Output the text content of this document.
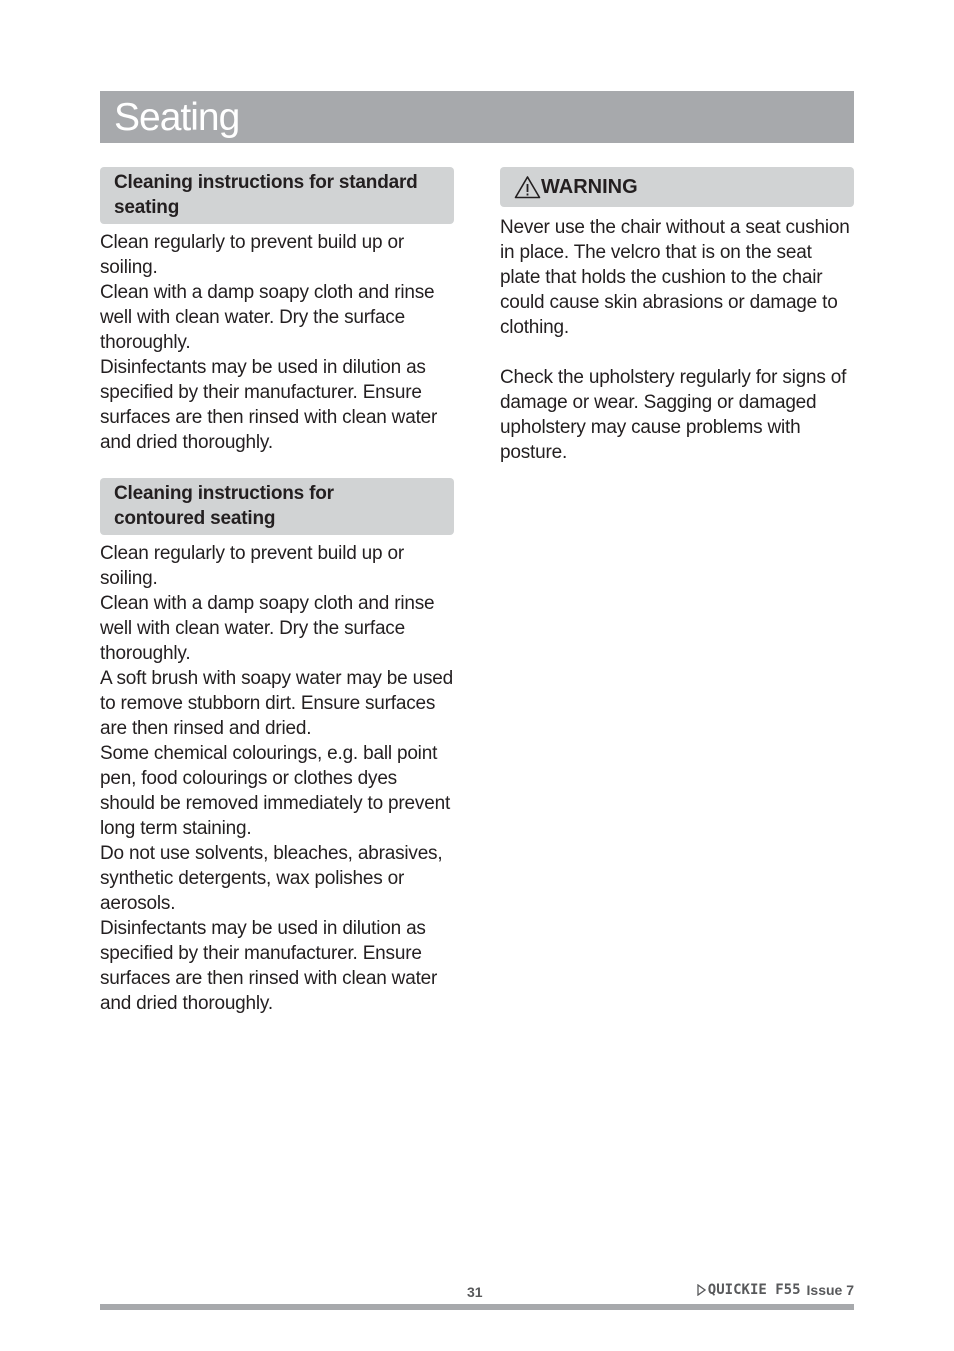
Seating
Cleaning instructions for standard
seating

Clean regularly to prevent build up or soiling.

Clean with a damp soapy cloth and rinse well with clean water. Dry the surface thoroughly.

Disinfectants may be used in dilution as specified by their manufacturer. Ensure surfaces are then rinsed with clean water and dried thoroughly.

Cleaning instructions for
contoured seating

Clean regularly to prevent build up or soiling.

Clean with a damp soapy cloth and rinse well with clean water. Dry the surface thoroughly.

A soft brush with soapy water may be used to remove stubborn dirt. Ensure surfaces are then rinsed and dried.

Some chemical colourings, e.g. ball point pen, food colourings or clothes dyes should be removed immediately to prevent long term staining.

Do not use solvents, bleaches, abrasives, synthetic detergents, wax polishes or aerosols.

Disinfectants may be used in dilution as specified by their manufacturer. Ensure surfaces are then rinsed with clean water and dried thoroughly.

WARNING

Never use the chair without a seat cushion in place. The velcro that is on the seat plate that holds the cushion to the chair could cause skin abrasions or damage to clothing.

Check the upholstery regularly for signs of damage or wear. Sagging or damaged upholstery may cause problems with posture.

31	QUICKIE F55 Issue 7
